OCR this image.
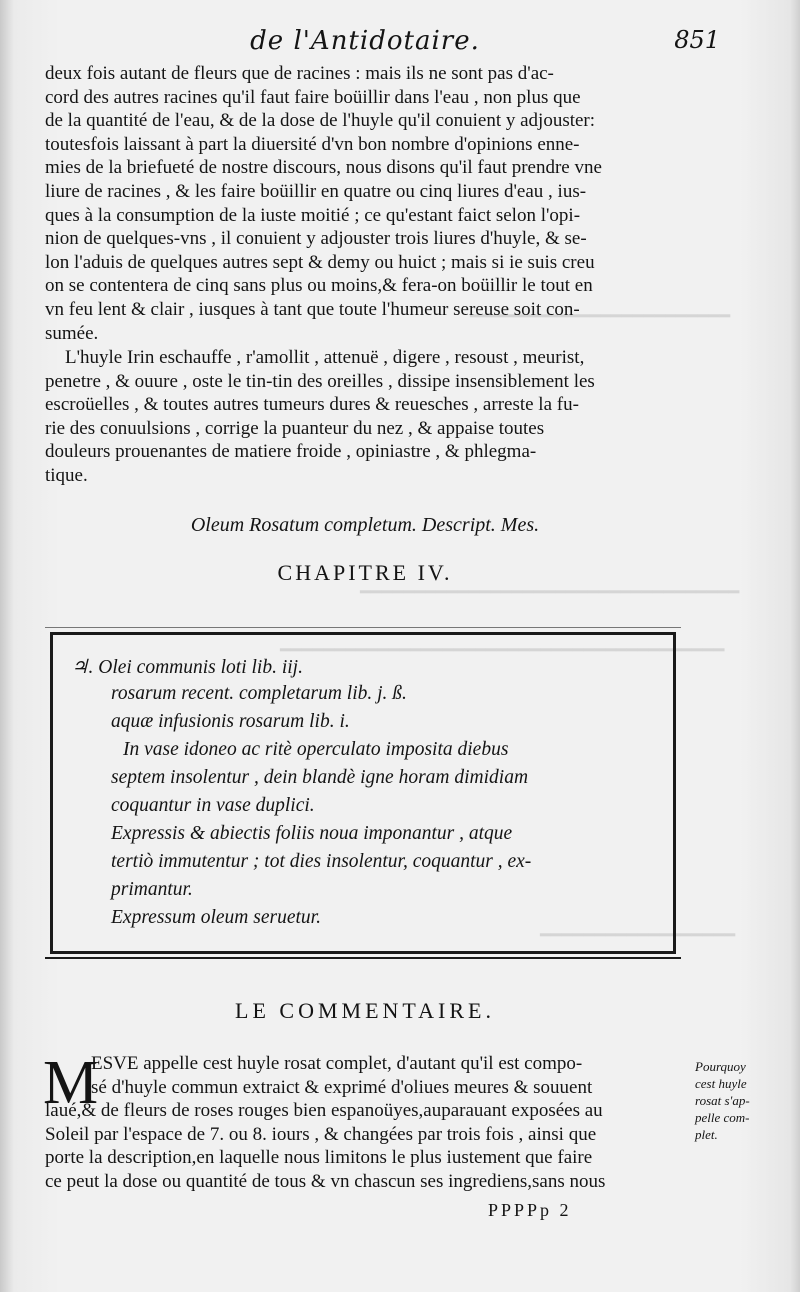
━━━━━━━━━━━━━━━━━━━━━━━━
━━━━━━━━━━━━━━━━━━━━━━━━━━━━━━━━━━━
━━━━━━━━━━━━━━━━━━━━━━━━━━━━━━━━━━━━━━━━━
━━━━━━━━━━━━━━━━━━
de l'Antidotaire.	851
deux fois autant de fleurs que de racines : mais ils ne sont pas d'ac-
cord des autres racines qu'il faut faire boüillir dans l'eau , non plus que
de la quantité de l'eau, & de la dose de l'huyle qu'il conuient y adjouster:
toutesfois laissant à part la diuersité d'vn bon nombre d'opinions enne-
mies de la briefueté de nostre discours, nous disons qu'il faut prendre vne
liure de racines , & les faire boüillir en quatre ou cinq liures d'eau , ius-
ques à la consumption de la iuste moitié ; ce qu'estant faict selon l'opi-
nion de quelques-vns , il conuient y adjouster trois liures d'huyle, & se-
lon l'aduis de quelques autres sept & demy ou huict ; mais si ie suis creu
on se contentera de cinq sans plus ou moins,& fera-on boüillir le tout en
vn feu lent & clair , iusques à tant que toute l'humeur sereuse soit con-
sumée.
L'huyle Irin eschauffe , r'amollit , attenuë , digere , resoust , meurist,
penetre , & ouure , oste le tin-tin des oreilles , dissipe insensiblement les
escroüelles , & toutes autres tumeurs dures & reuesches , arreste la fu-
rie des conuulsions , corrige la puanteur du nez , & appaise toutes
douleurs prouenantes de matiere froide , opiniastre , & phlegma-
tique.
Oleum Rosatum completum. Descript. Mes.
CHAPITRE IV.
♃. Olei communis loti lib. iij.
rosarum recent. completarum lib. j. ß.
aquæ infusionis rosarum lib. i.
In vase idoneo ac ritè operculato imposita diebus
septem insolentur , dein blandè igne horam dimidiam
coquantur in vase duplici.
Expressis & abiectis foliis noua imponantur , atque
tertiò immutentur ; tot dies insolentur, coquantur , ex-
primantur.
Expressum oleum seruetur.
LE COMMENTAIRE.
M
ESVE appelle cest huyle rosat complet, d'autant qu'il est compo-
sé d'huyle commun extraict & exprimé d'oliues meures & souuent
laué,& de fleurs de roses rouges bien espanoüyes,auparauant exposées au
Soleil par l'espace de 7. ou 8. iours , & changées par trois fois , ainsi que
porte la description,en laquelle nous limitons le plus iustement que faire
ce peut la dose ou quantité de tous & vn chascun ses ingrediens,sans nous
Pourquoy
cest huyle
rosat s'ap-
pelle com-
plet.
PPPPp 2
